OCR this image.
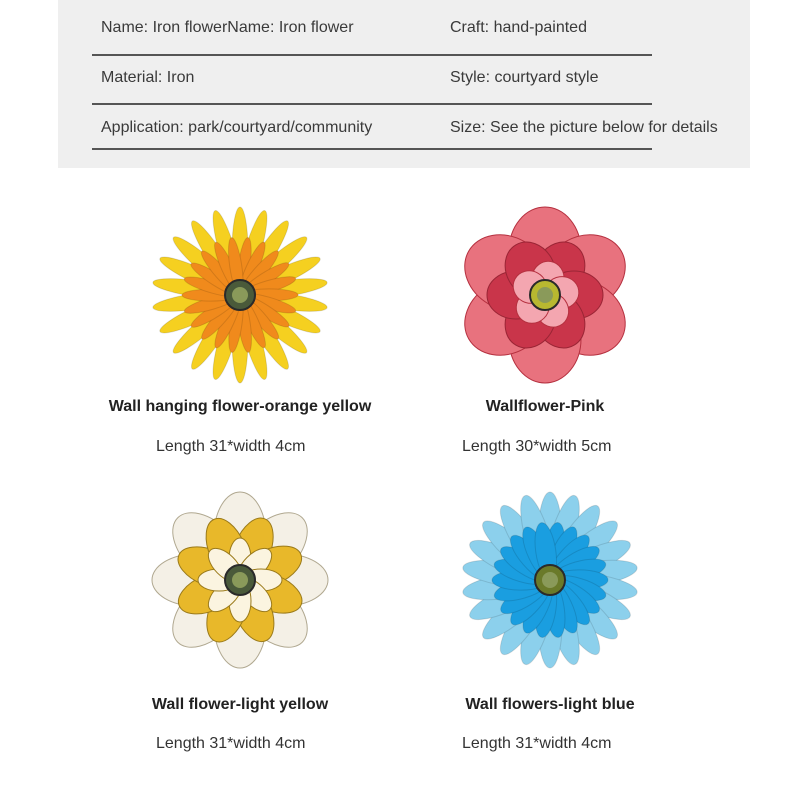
Name: Iron flowerName: Iron flower	Craft: hand-painted
Material: Iron	Style: courtyard style
Application: park/courtyard/community	Size: See the picture below for details
Wall hanging flower-orange yellow
Length 31*width 4cm
Wallflower-Pink
Length 30*width 5cm
Wall flower-light yellow
Length 31*width 4cm
Wall flowers-light blue
Length 31*width 4cm
